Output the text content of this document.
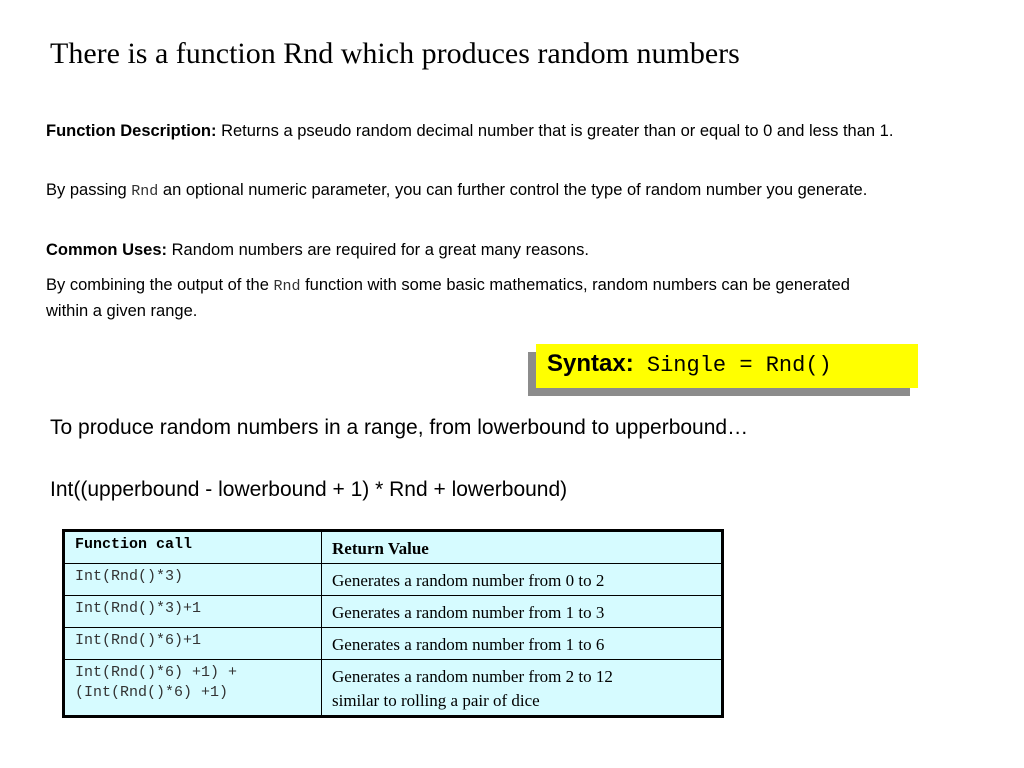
There is a function Rnd which produces random numbers
Function Description: Returns a pseudo random decimal number that is greater than or equal to 0 and less than 1.
By passing Rnd an optional numeric parameter, you can further control the type of random number you generate.
Common Uses: Random numbers are required for a great many reasons.
By combining the output of the Rnd function with some basic mathematics, random numbers can be generated within a given range.
Syntax: Single = Rnd()
To produce random numbers in a range, from lowerbound to upperbound…
Int((upperbound - lowerbound + 1) * Rnd + lowerbound)
Function call	Return Value

Int(Rnd()*3)	Generates a random number from 0 to 2

Int(Rnd()*3)+1	Generates a random number from 1 to 3

Int(Rnd()*6)+1	Generates a random number from 1 to 6

Int(Rnd()*6) +1) +
(Int(Rnd()*6) +1)	Generates a random number from 2 to 12
similar to rolling a pair of dice
